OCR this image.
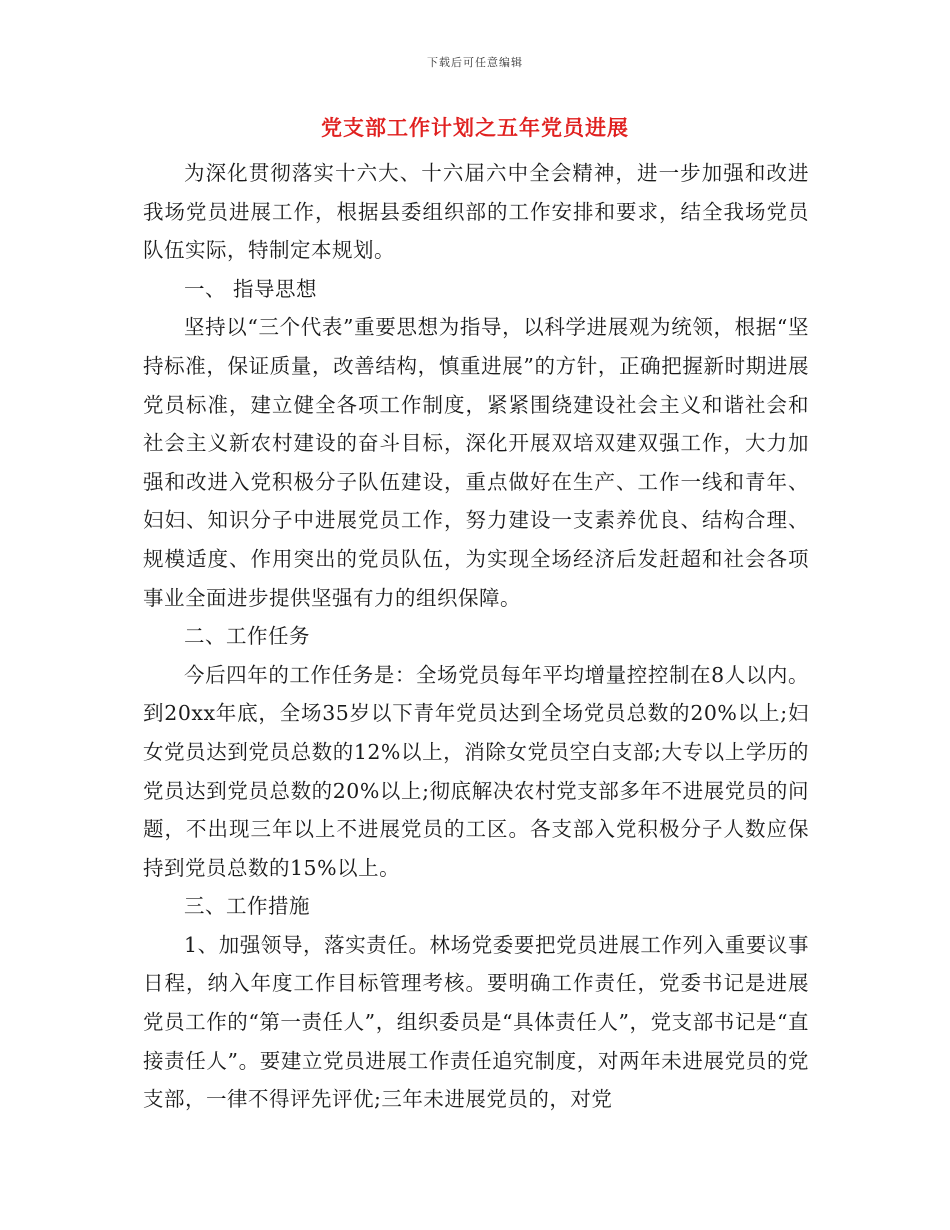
下载后可任意编辑
党支部工作计划之五年党员进展

为深化贯彻落实十六大、十六届六中全会精神，进一步加强和改进我场党员进展工作，根据县委组织部的工作安排和要求，结全我场党员队伍实际，特制定本规划。

一、 指导思想

坚持以“三个代表”重要思想为指导，以科学进展观为统领，根据“坚持标准，保证质量，改善结构，慎重进展”的方针，正确把握新时期进展党员标准，建立健全各项工作制度，紧紧围绕建设社会主义和谐社会和社会主义新农村建设的奋斗目标，深化开展双培双建双强工作，大力加强和改进入党积极分子队伍建设，重点做好在生产、工作一线和青年、妇妇、知识分子中进展党员工作，努力建设一支素养优良、结构合理、规模适度、作用突出的党员队伍，为实现全场经济后发赶超和社会各项事业全面进步提供坚强有力的组织保障。

二、工作任务

今后四年的工作任务是：全场党员每年平均增量控控制在8人以内。到20xx年底，全场35岁以下青年党员达到全场党员总数的20%以上;妇女党员达到党员总数的12%以上，消除女党员空白支部;大专以上学历的党员达到党员总数的20%以上;彻底解决农村党支部多年不进展党员的问题，不出现三年以上不进展党员的工区。各支部入党积极分子人数应保持到党员总数的15%以上。

三、工作措施

1、加强领导，落实责任。林场党委要把党员进展工作列入重要议事日程，纳入年度工作目标管理考核。要明确工作责任，党委书记是进展党员工作的“第一责任人”，组织委员是“具体责任人”，党支部书记是“直接责任人”。要建立党员进展工作责任追究制度，对两年未进展党员的党支部，一律不得评先评优;三年未进展党员的，对党
